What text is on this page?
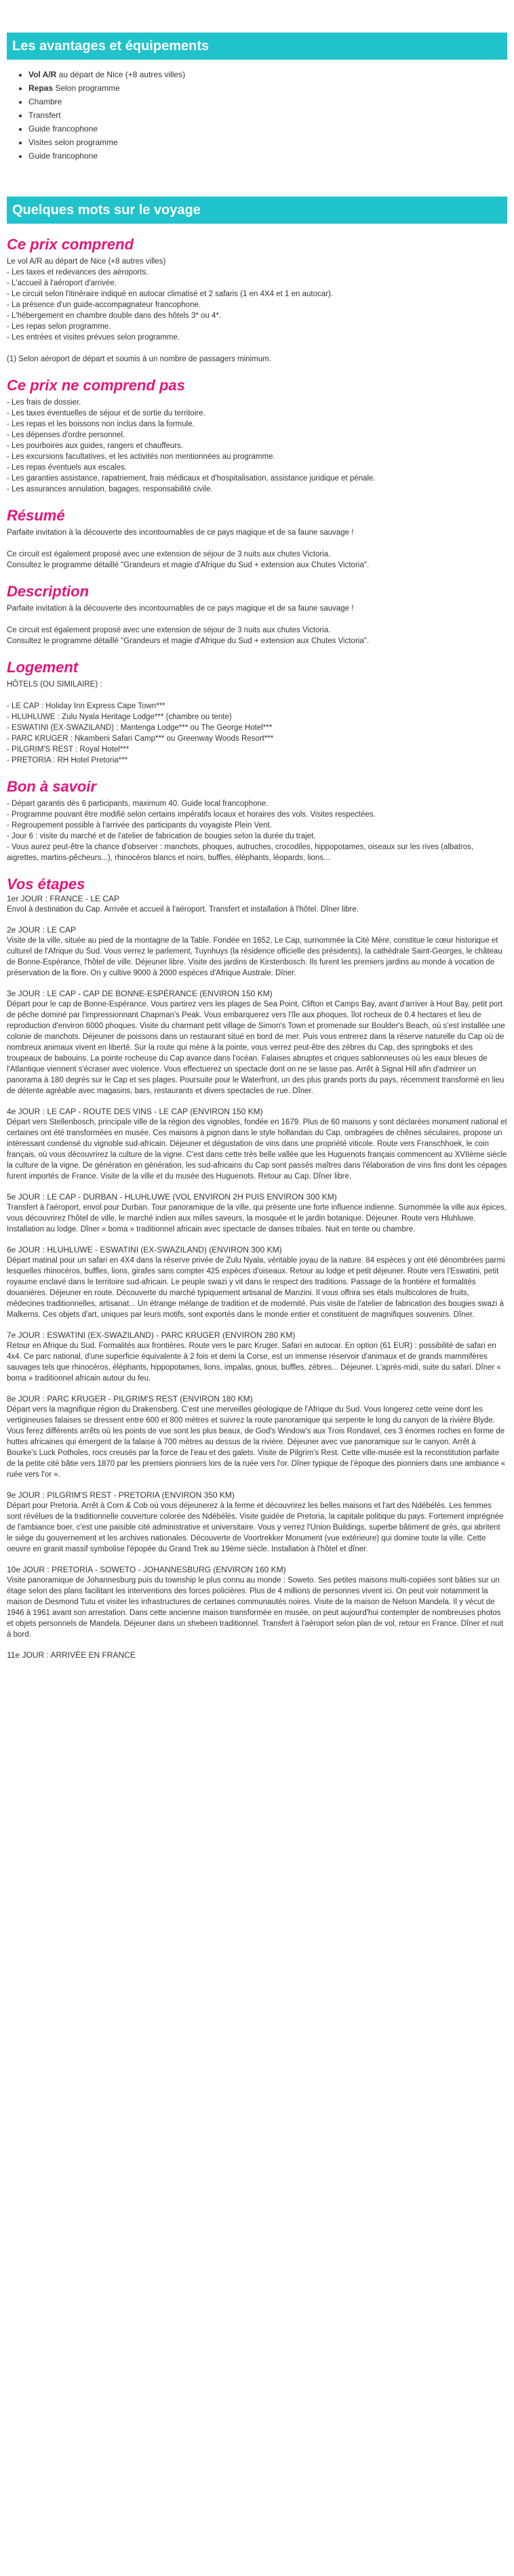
Les avantages et équipements
• Vol A/R au départ de Nice (+8 autres villes)
• Repas Selon programme
• Chambre
• Transfert
• Guide francophone
• Visites selon programme
• Guide francophone
Quelques mots sur le voyage
Ce prix comprend
Le vol A/R au départ de Nice (+8 autres villes)
- Les taxes et redevances des aéroports.
- L'accueil à l'aéroport d'arrivée.
- Le circuit selon l'itinéraire indiqué en autocar climatisé et 2 safaris (1 en 4X4 et 1 en autocar).
- La présence d'un guide-accompagnateur francophone.
- L'hébergement en chambre double dans des hôtels 3* ou 4*.
- Les repas selon programme.
- Les entrées et visites prévues selon programme.

(1) Selon aéroport de départ et soumis à un nombre de passagers minimum.
Ce prix ne comprend pas
- Les frais de dossier.
- Les taxes éventuelles de séjour et de sortie du territoire.
- Les repas et les boissons non inclus dans la formule.
- Les dépenses d'ordre personnel.
- Les pourboires aux guides, rangers et chauffeurs.
- Les excursions facultatives, et les activités non mentionnées au programme.
- Les repas éventuels aux escales.
- Les garanties assistance, rapatriement, frais médicaux et d'hospitalisation, assistance juridique et pénale.
- Les assurances annulation, bagages, responsabilité civile.
Résumé
Parfaite invitation à la découverte des incontournables de ce pays magique et de sa faune sauvage !

Ce circuit est également proposé avec une extension de séjour de 3 nuits aux chutes Victoria.
Consultez le programme détaillé "Grandeurs et magie d'Afrique du Sud + extension aux Chutes Victoria".
Description
Parfaite invitation à la découverte des incontournables de ce pays magique et de sa faune sauvage !

Ce circuit est également proposé avec une extension de séjour de 3 nuits aux chutes Victoria.
Consultez le programme détaillé "Grandeurs et magie d'Afrique du Sud + extension aux Chutes Victoria".
Logement
HÔTELS (OU SIMILAIRE) :

- LE CAP : Holiday Inn Express Cape Town***
- HLUHLUWE : Zulu Nyala Heritage Lodge*** (chambre ou tente)
- ESWATINI (EX-SWAZILAND) : Mantenga Lodge*** ou The George Hotel***
- PARC KRUGER : Nkambeni Safari Camp*** ou Greenway Woods Resort***
- PILGRIM'S REST : Royal Hotel***
- PRETORIA : RH Hotel Pretoria***
Bon à savoir
- Départ garantis dès 6 participants, maximum 40. Guide local francophone.
- Programme pouvant être modifié selon certains impératifs locaux et horaires des vols. Visites respectées.
- Regroupement possible à l'arrivée des participants du voyagiste Plein Vent.
- Jour 6 : visite du marché et de l'atelier de fabrication de bougies selon la durée du trajet.
- Vous aurez peut-être la chance d'observer : manchots, phoques, autruches, crocodiles, hippopotames, oiseaux sur les rives (albatros, aigrettes, martins-pêcheurs...), rhinocéros blancs et noirs, buffles, éléphants, léopards, lions...
Vos étapes

1er JOUR : FRANCE - LE CAP

Envol à destination du Cap. Arrivée et accueil à l'aéroport. Transfert et installation à l'hôtel. Dîner libre.

2e JOUR : LE CAP

Visite de la ville, située au pied de la montagne de la Table. Fondée en 1652, Le Cap, surnommée la Cité Mère, constitue le cœur historique et culturel de l'Afrique du Sud. Vous verrez le parlement, Tuynhuys (la résidence officielle des présidents), la cathédrale Saint-Georges, le château de Bonne-Espérance, l'hôtel de ville. Déjeuner libre. Visite des jardins de Kirstenbosch. Ils furent les premiers jardins au monde à vocation de préservation de la flore. On y cultive 9000 à 2000 espèces d'Afrique Australe. Dîner.

3e JOUR : LE CAP - CAP DE BONNE-ESPÉRANCE (ENVIRON 150 KM)

Départ pour le cap de Bonne-Espérance. Vous partirez vers les plages de Sea Point, Clifton et Camps Bay, avant d'arriver à Hout Bay, petit port de pêche dominé par l'impressionnant Chapman's Peak. Vous embarquerez vers l'île aux phoques, îlot rocheux de 0.4 hectares et lieu de reproduction d'environ 6000 phoques. Visite du charmant petit village de Simon's Town et promenade sur Boulder's Beach, où s'est installée une colonie de manchots. Déjeuner de poissons dans un restaurant situé en bord de mer. Puis vous entrerez dans la réserve naturelle du Cap où de nombreux animaux vivent en liberté. Sur la route qui mène à la pointe, vous verrez peut-être des zèbres du Cap, des springboks et des troupeaux de babouins. La pointe rocheuse du Cap avance dans l'océan. Falaises abruptes et criques sablonneuses où les eaux bleues de l'Atlantique viennent s'écraser avec violence. Vous effectuerez un spectacle dont on ne se lasse pas. Arrêt à Signal Hill afin d'admirer un panorama à 180 degrés sur le Cap et ses plages. Poursuite pour le Waterfront, un des plus grands ports du pays, récemment transformé en lieu de détente agréable avec magasins, bars, restaurants et divers spectacles de rue. Dîner.

4e JOUR : LE CAP - ROUTE DES VINS - LE CAP (ENVIRON 150 KM)

Départ vers Stellenbosch, principale ville de la région des vignobles, fondée en 1679. Plus de 60 maisons y sont déclarées monument national et certaines ont été transformées en musée. Ces maisons à pignon dans le style hollandais du Cap, ombragées de chênes séculaires, propose un intéressant condensé du vignoble sud-africain. Déjeuner et dégustation de vins dans une propriété viticole. Route vers Franschhoek, le coin français, où vous découvrirez la culture de la vigne. C'est dans cette très belle vallée que les Huguenots français commencent au XVIIème siècle la culture de la vigne. De génération en génération, les sud-africains du Cap sont passés maîtres dans l'élaboration de vins fins dont les cépages furent importés de France. Visite de la ville et du musée des Huguenots. Retour au Cap. Dîner libre.

5e JOUR : LE CAP - DURBAN - HLUHLUWE (VOL ENVIRON 2H PUIS ENVIRON 300 KM)

Transfert à l'aéroport, envol pour Durban. Tour panoramique de la ville, qui présente une forte influence indienne. Surnommée la ville aux épices, vous découvrirez l'hôtel de ville, le marché indien aux milles saveurs, la mosquée et le jardin botanique. Déjeuner. Route vers Hluhluwe. Installation au lodge. Dîner « boma » traditionnel africain avec spectacle de danses tribales. Nuit en tente ou chambre.

6e JOUR : HLUHLUWE - ESWATINI (EX-SWAZILAND) (ENVIRON 300 KM)

Départ matinal pour un safari en 4X4 dans la réserve privée de Zulu Nyala, véritable joyau de la nature. 84 espèces y ont été dénombrées parmi lesquelles rhinocéros, buffles, lions, girafes sans compter 425 espèces d'oiseaux. Retour au lodge et petit déjeuner. Route vers l'Eswatini, petit royaume enclavé dans le territoire sud-africain. Le peuple swazi y vit dans le respect des traditions. Passage de la frontière et formalités douanières. Déjeuner en route. Découverte du marché typiquement artisanal de Manzini. Il vous offrira ses étals multicolores de fruits, médecines traditionnelles, artisanat... Un étrange mélange de tradition et de modernité. Puis visite de l'atelier de fabrication des bougies swazi à Malkerns. Ces objets d'art, uniques par leurs motifs, sont exportés dans le monde entier et constituent de magnifiques souvenirs. Dîner.

7e JOUR : ESWATINI (EX-SWAZILAND) - PARC KRUGER (ENVIRON 280 KM)

Retour en Afrique du Sud. Formalités aux frontières. Route vers le parc Kruger. Safari en autocar. En option (61 EUR) : possibilité de safari en 4x4. Ce parc national, d'une superficie équivalente à 2 fois et demi la Corse, est un immense réservoir d'animaux et de grands mammifères sauvages tels que rhinocéros, éléphants, hippopotames, lions, impalas, gnous, buffles, zèbres... Déjeuner. L'après-midi, suite du safari. Dîner « boma » traditionnel africain autour du feu.

8e JOUR : PARC KRUGER - PILGRIM'S REST (ENVIRON 180 KM)

Départ vers la magnifique région du Drakensberg. C'est une merveilles géologique de l'Afrique du Sud. Vous longerez cette veine dont les vertigineuses falaises se dressent entre 600 et 800 mètres et suivrez la route panoramique qui serpente le long du canyon de la rivière Blyde. Vous ferez différents arrêts où les points de vue sont les plus beaux, de God's Window's aux Trois Rondavel, ces 3 énormes roches en forme de huttes africaines qui émergent de la falaise à 700 mètres au dessus de la rivière. Déjeuner avec vue panoramique sur le canyon. Arrêt à Bourke's Luck Potholes, rocs creusés par la force de l'eau et des galets. Visite de Pilgrim's Rest. Cette ville-musée est la reconstitution parfaite de la petite cité bâtie vers 1870 par les premiers pionniers lors de la ruée vers l'or. Dîner typique de l'époque des pionniers dans une ambiance « ruée vers l'or ».

9e JOUR : PILGRIM'S REST - PRETORIA (ENVIRON 350 KM)

Départ pour Pretoria. Arrêt à Corn & Cob où vous déjeunerez à la ferme et découvrirez les belles maisons et l'art des Ndébélés. Les femmes sont révélues de la traditionnelle couverture colorée des Ndébélés. Visite guidée de Pretoria, la capitale politique du pays. Fortement imprégnée de l'ambiance boer, c'est une paisible cité administrative et universitaire. Vous y verrez l'Union Buildings, superbe bâtiment de grès, qui abritent le siège du gouvernement et les archives nationales. Découverte de Voortrekker Monument (vue extérieure) qui domine toute la ville. Cette oeuvre en granit massif symbolise l'épopée du Grand Trek au 19ème siècle. Installation à l'hôtel et dîner.

10e JOUR : PRETORIA - SOWETO - JOHANNESBURG (ENVIRON 160 KM)

Visite panoramique de Johannesburg puis du township le plus connu au monde : Soweto. Ses petites maisons multi-copiées sont bâties sur un étage selon des plans facilitant les interventions des forces policières. Plus de 4 millions de personnes vivent ici. On peut voir notamment la maison de Desmond Tutu et visiter les infrastructures de certaines communautés noires. Visite de la maison de Nelson Mandela. Il y vécut de 1946 à 1961 avant son arrestation. Dans cette ancienne maison transformée en musée, on peut aujourd'hui contempler de nombreuses photos et objets personnels de Mandela. Déjeuner dans un shebeen traditionnel. Transfert à l'aéroport selon plan de vol, retour en France. Dîner et nuit à bord.

11e JOUR : ARRIVÉE EN FRANCE
